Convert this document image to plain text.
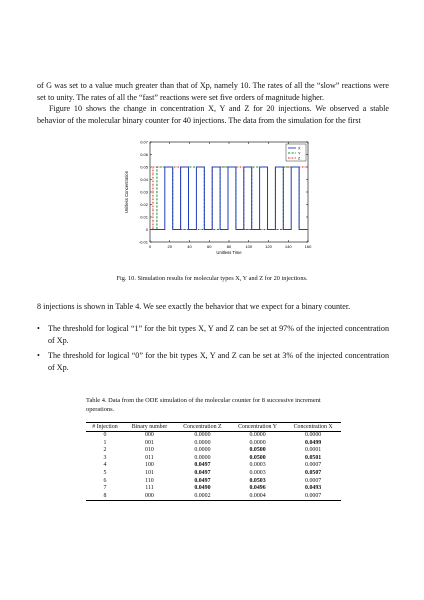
of G was set to a value much greater than that of Xp, namely 10. The rates of all the “slow” reactions were set to unity. The rates of all the “fast” reactions were set five orders of magnitude higher.

Figure 10 shows the change in concentration X, Y and Z for 20 injections. We observed a stable behavior of the molecular binary counter for 40 injections. The data from the simulation for the first

0	20	40	60	80	100	120	140	160
-0.01
0
0.01
0.02
0.03
0.04
0.05
0.06
0.07
Unitless Time
Unitless Concentration
X
Y
Z
Fig. 10. Simulation results for molecular types X, Y and Z for 20 injections.

8 injections is shown in Table 4. We see exactly the behavior that we expect for a binary counter.

• The threshold for logical “1” for the bit types X, Y and Z can be set at 97% of the injected concentration of Xp.
• The threshold for logical “0” for the bit types X, Y and Z can be set at 3% of the injected concentration of Xp.
Table 4. Data from the ODE simulation of the molecular counter for 8 successive increment operations.
# Injection	Binary number	Concentration Z	Concentration Y	Concentration X
0	000	0.0000	0.0000	0.0000
1	001	0.0000	0.0000	0.0499
2	010	0.0000	0.0500	0.0001
3	011	0.0000	0.0500	0.0501
4	100	0.0497	0.0003	0.0007
5	101	0.0497	0.0003	0.0507
6	110	0.0497	0.0503	0.0007
7	111	0.0490	0.0496	0.0493
8	000	0.0002	0.0004	0.0007
